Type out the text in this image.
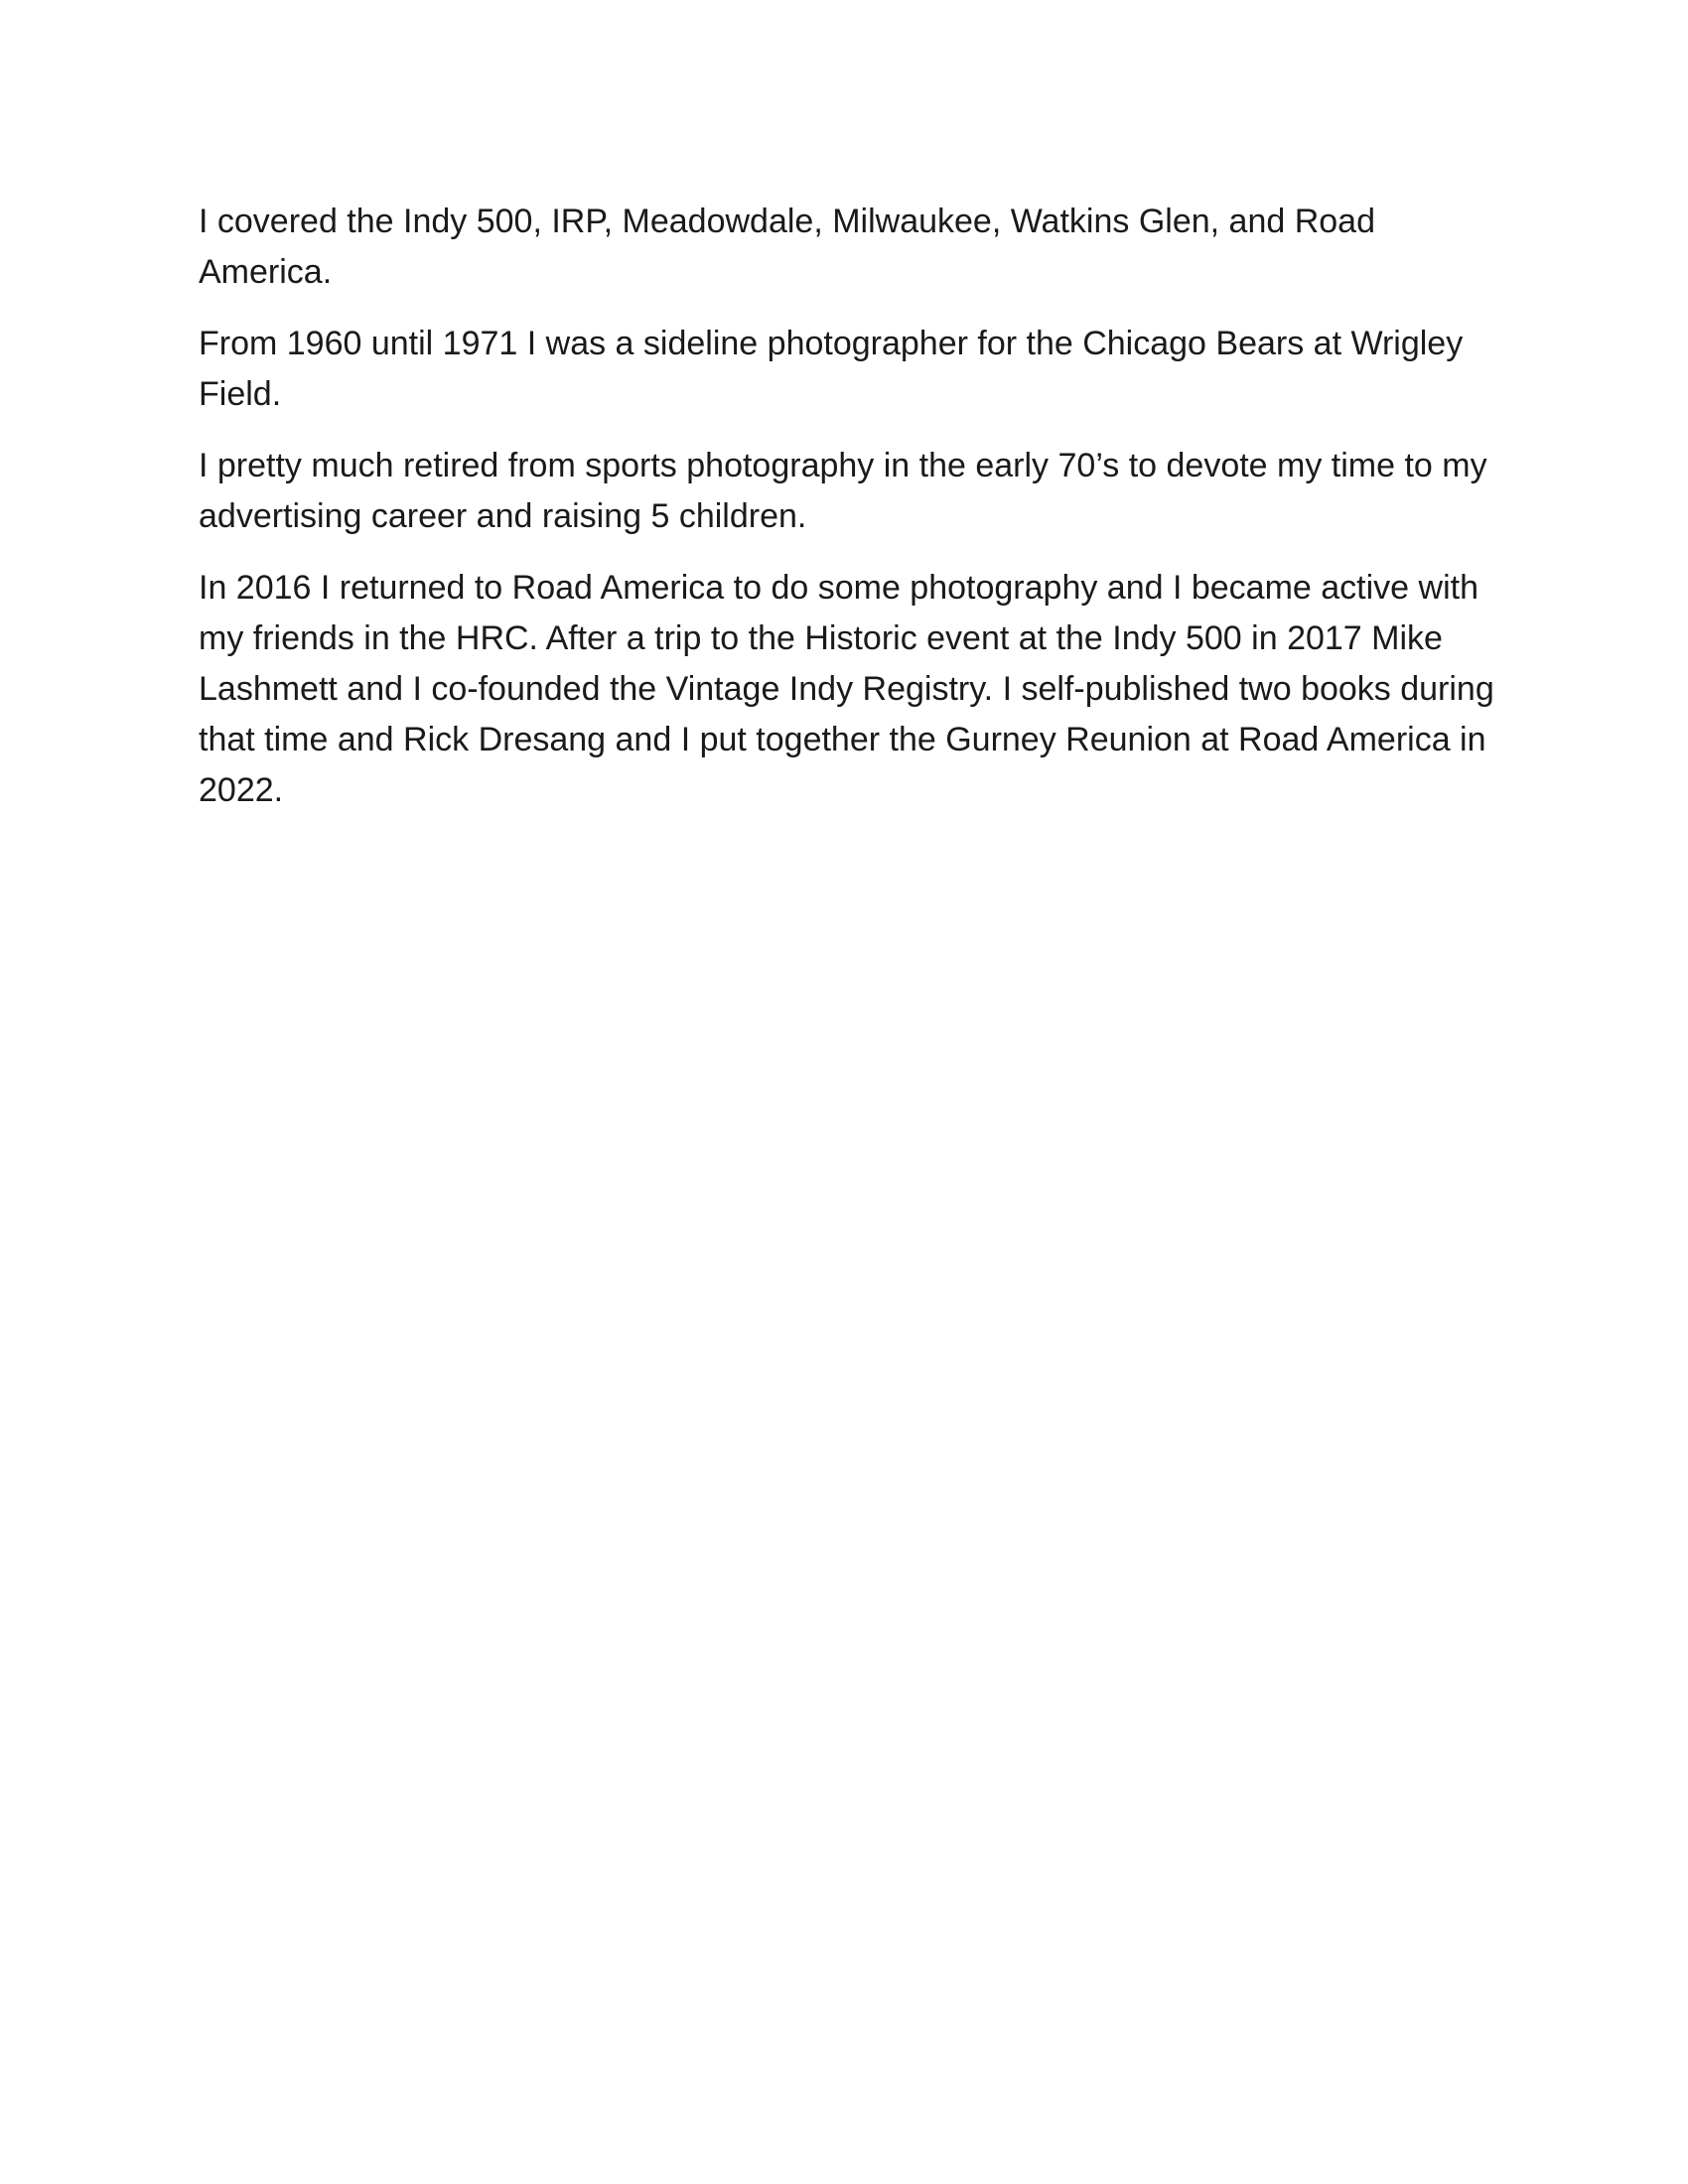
I covered the Indy 500, IRP, Meadowdale, Milwaukee, Watkins Glen, and Road America.

From 1960 until 1971 I was a sideline photographer for the Chicago Bears at Wrigley Field.

I pretty much retired from sports photography in the early 70’s to devote my time to my advertising career and raising 5 children.

In 2016 I returned to Road America to do some photography and I became active with my friends in the HRC. After a trip to the Historic event at the Indy 500 in 2017 Mike Lashmett and I co-founded the Vintage Indy Registry. I self-published two books during that time and Rick Dresang and I put together the Gurney Reunion at Road America in 2022.
